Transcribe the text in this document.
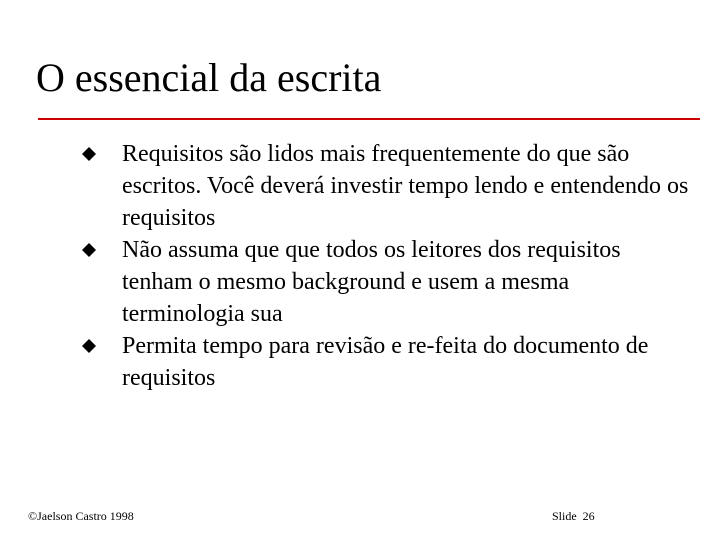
O essencial da escrita
Requisitos são lidos mais frequentemente do que são escritos. Você deverá investir tempo lendo e entendendo os requisitos
Não assuma que que todos os leitores dos requisitos tenham o mesmo background e usem a mesma terminologia sua
Permita tempo para revisão e re-feita do documento de requisitos
©Jaelson Castro 1998	Slide 26
